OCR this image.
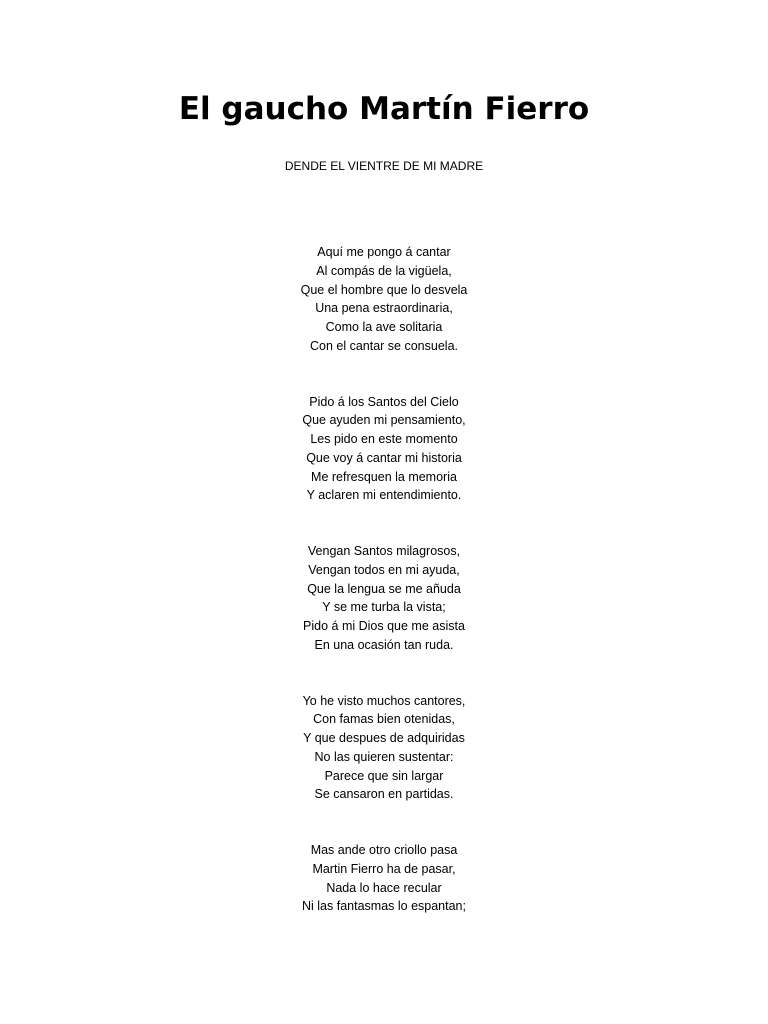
El gaucho Martín Fierro

DENDE EL VIENTRE DE MI MADRE

Aquí me pongo á cantar
Al compás de la vigüela,
Que el hombre que lo desvela
Una pena estraordinaria,
Como la ave solitaria
Con el cantar se consuela.
Pido á los Santos del Cielo
Que ayuden mi pensamiento,
Les pido en este momento
Que voy á cantar mi historia
Me refresquen la memoria
Y aclaren mi entendimiento.
Vengan Santos milagrosos,
Vengan todos en mi ayuda,
Que la lengua se me añuda
Y se me turba la vista;
Pido á mi Dios que me asista
En una ocasión tan ruda.
Yo he visto muchos cantores,
Con famas bien otenidas,
Y que despues de adquiridas
No las quieren sustentar:
Parece que sin largar
Se cansaron en partidas.
Mas ande otro criollo pasa
Martin Fierro ha de pasar,
Nada lo hace recular
Ni las fantasmas lo espantan;
